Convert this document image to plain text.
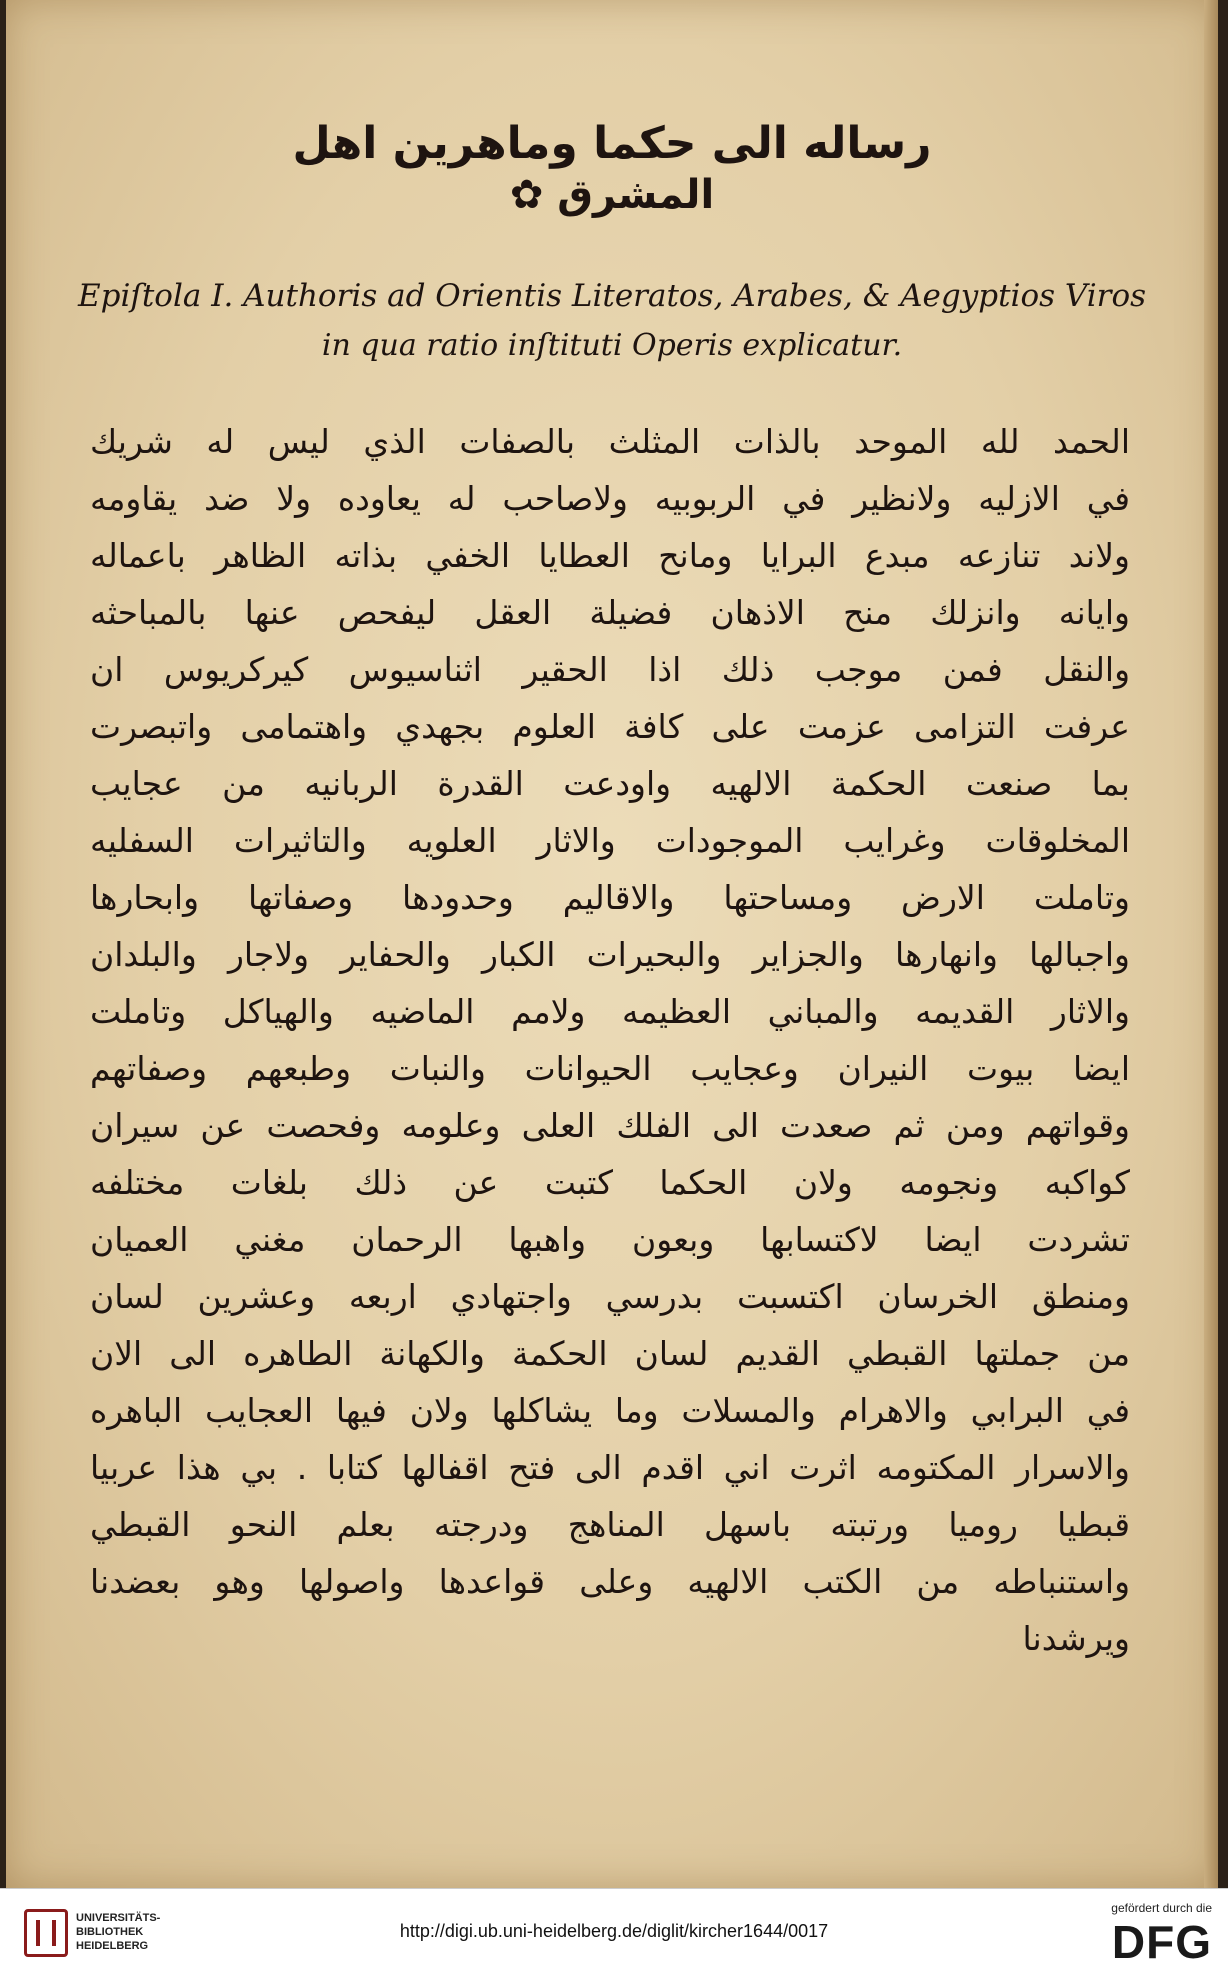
رساله الى حكما وماهرين اهل
المشرق ✿
Epiſtola I. Authoris ad Orientis Literatos, Arabes, & Aegyptios Viros
in qua ratio inſtituti Operis explicatur.
الحمد لله الموحد بالذات المثلث بالصفات الذي ليس له شريك
في الازليه ولانظير في الربوبيه ولاصاحب له يعاوده ولا ضد يقاومه
ولاند تنازعه مبدع البرايا ومانح العطايا الخفي بذاته الظاهر باعماله
وايانه وانزلك منح الاذهان فضيلة العقل ليفحص عنها بالمباحثه
والنقل فمن موجب ذلك اذا الحقير اثناسيوس كيركريوس ان
عرفت التزامى عزمت على كافة العلوم بجهدي واهتمامى واتبصرت
بما صنعت الحكمة الالهيه واودعت القدرة الربانيه من عجايب
المخلوقات وغرايب الموجودات والاثار العلويه والتاثيرات السفليه
وتاملت الارض ومساحتها والاقاليم وحدودها وصفاتها وابحارها
واجبالها وانهارها والجزاير والبحيرات الكبار والحفاير ولاجار والبلدان
والاثار القديمه والمباني العظيمه ولامم الماضيه والهياكل وتاملت
ايضا بيوت النيران وعجايب الحيوانات والنبات وطبعهم وصفاتهم
وقواتهم ومن ثم صعدت الى الفلك العلى وعلومه وفحصت عن سيران
كواكبه ونجومه ولان الحكما كتبت عن ذلك بلغات مختلفه
تشردت ايضا لاكتسابها وبعون واهبها الرحمان مغني العميان
ومنطق الخرسان اكتسبت بدرسي واجتهادي اربعه وعشرين لسان
من جملتها القبطي القديم لسان الحكمة والكهانة الطاهره الى الان
في البرابي والاهرام والمسلات وما يشاكلها ولان فيها العجايب الباهره
والاسرار المكتومه اثرت اني اقدم الى فتح اقفالها كتابا . بي هذا عربيا
قبطيا روميا ورتبته باسهل المناهج ودرجته بعلم النحو القبطي
واستنباطه من الكتب الالهيه وعلى قواعدها واصولها وهو بعضدنا
ويرشدنا
UNIVERSITÄTS-
BIBLIOTHEK
HEIDELBERG
http://digi.ub.uni-heidelberg.de/diglit/kircher1644/0017
gefördert durch die
DFG
